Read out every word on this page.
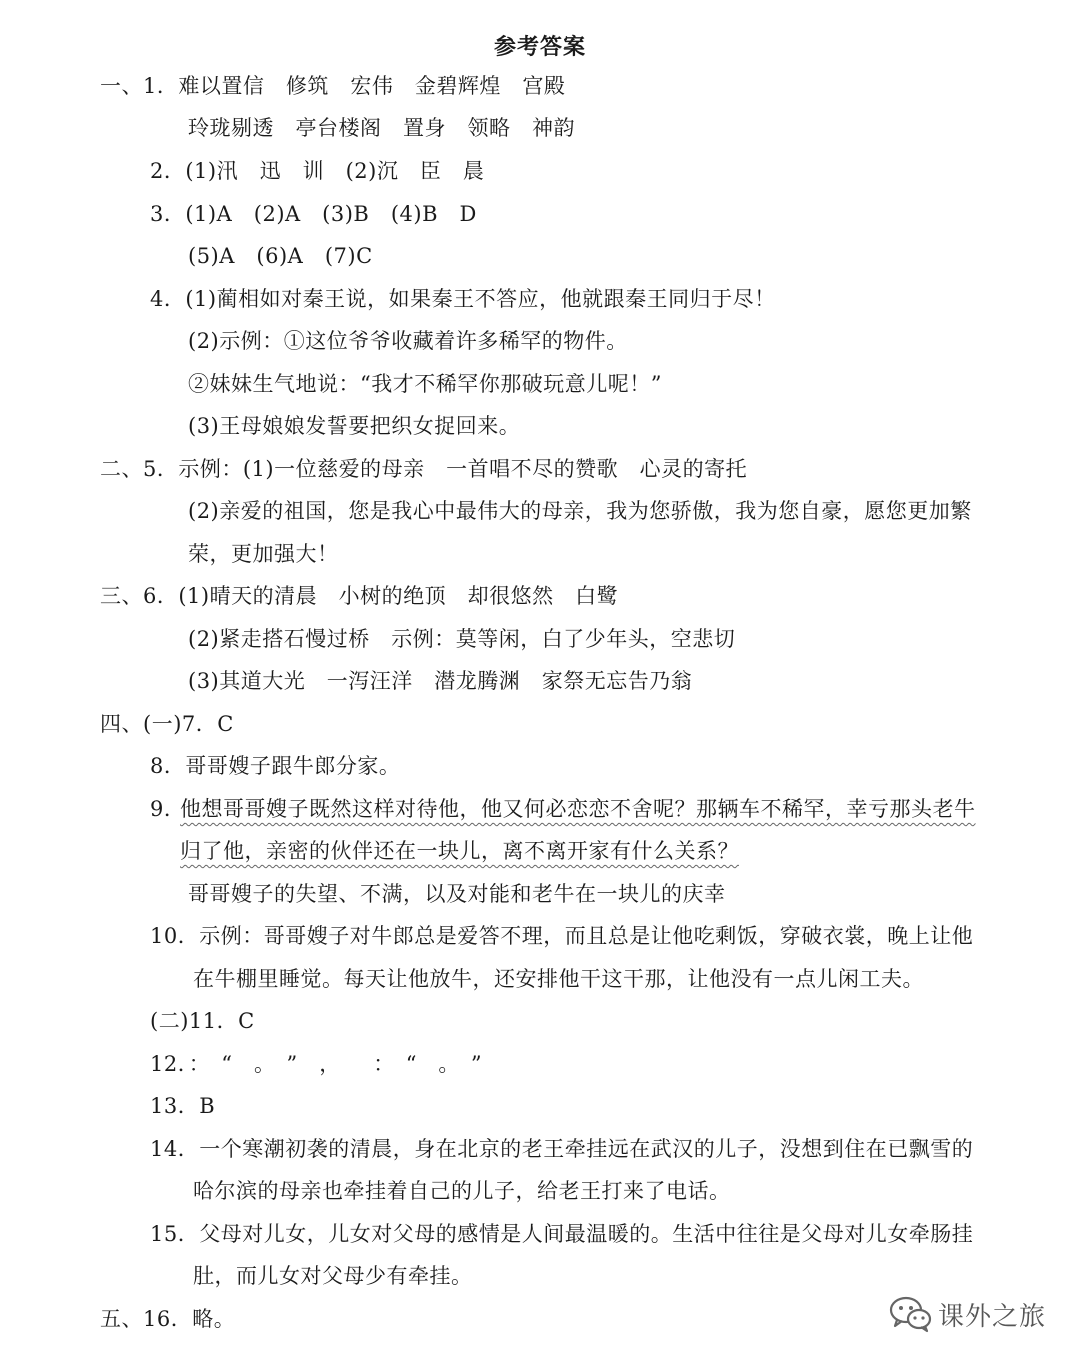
参考答案
一、1．难以置信　修筑　宏伟　金碧辉煌　宫殿
玲珑剔透　亭台楼阁　置身　领略　神韵
2．(1)汛　迅　训　(2)沉　臣　晨
3．(1)A　(2)A　(3)B　(4)B　D
(5)A　(6)A　(7)C
4．(1)蔺相如对秦王说，如果秦王不答应，他就跟秦王同归于尽！
(2)示例：①这位爷爷收藏着许多稀罕的物件。
②妹妹生气地说：“我才不稀罕你那破玩意儿呢！”
(3)王母娘娘发誓要把织女捉回来。
二、5．示例：(1)一位慈爱的母亲　一首唱不尽的赞歌　心灵的寄托
(2)亲爱的祖国，您是我心中最伟大的母亲，我为您骄傲，我为您自豪，愿您更加繁
荣，更加强大！
三、6．(1)晴天的清晨　小树的绝顶　却很悠然　白鹭
(2)紧走搭石慢过桥　示例：莫等闲，白了少年头，空悲切
(3)其道大光　一泻汪洋　潜龙腾渊　家祭无忘告乃翁
四、(一)7．C
8．哥哥嫂子跟牛郎分家。
9．
他想哥哥嫂子既然这样对待他，他又何必恋恋不舍呢？那辆车不稀罕，幸亏那头老牛
归了他，亲密的伙伴还在一块儿，离不离开家有什么关系？
哥哥嫂子的失望、不满，以及对能和老牛在一块儿的庆幸
10．示例：哥哥嫂子对牛郎总是爱答不理，而且总是让他吃剩饭，穿破衣裳，晚上让他
在牛棚里睡觉。每天让他放牛，还安排他干这干那，让他没有一点儿闲工夫。
(二)11．C
12．：　“　。　”　，　　：　“　。　”
13．B
14．一个寒潮初袭的清晨，身在北京的老王牵挂远在武汉的儿子，没想到住在已飘雪的
哈尔滨的母亲也牵挂着自己的儿子，给老王打来了电话。
15．父母对儿女，儿女对父母的感情是人间最温暖的。生活中往往是父母对儿女牵肠挂
肚，而儿女对父母少有牵挂。
五、16．略。	课外之旅
